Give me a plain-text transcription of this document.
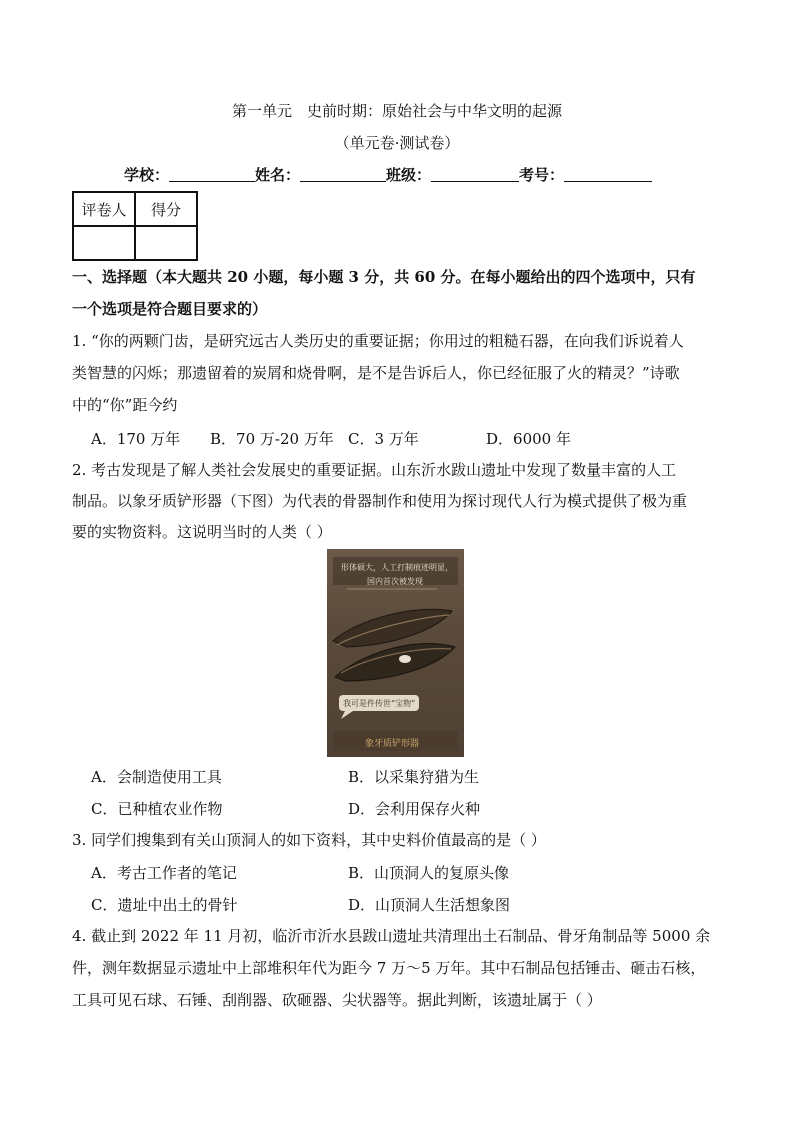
第一单元　史前时期：原始社会与中华文明的起源
（单元卷·测试卷）
学校：	姓名：	班级：	考号：
评卷人	得分

一、选择题（本大题共 20 小题，每小题 3 分，共 60 分。在每小题给出的四个选项中，只有
一个选项是符合题目要求的）
1. “你的两颗门齿，是研究远古人类历史的重要证据；你用过的粗糙石器，在向我们诉说着人
类智慧的闪烁；那遗留着的炭屑和烧骨啊，是不是告诉后人，你已经征服了火的精灵？”诗歌
中的“你”距今约
A．170 万年 B．70 万-20 万年 C．3 万年	D．6000 年
2. 考古发现是了解人类社会发展史的重要证据。山东沂水跋山遗址中发现了数量丰富的人工
制品。以象牙质铲形器（下图）为代表的骨器制作和使用为探讨现代人行为模式提供了极为重
要的实物资料。这说明当时的人类（ ）
形体硕大，人工打制痕迹明显，
国内首次被发现
我可是件传世“宝物”
象牙质铲形器
A．会制造使用工具	B．以采集狩猎为生
C．已种植农业作物	D．会利用保存火种
3. 同学们搜集到有关山顶洞人的如下资料，其中史料价值最高的是（ ）
A．考古工作者的笔记	B．山顶洞人的复原头像
C．遗址中出土的骨针	D．山顶洞人生活想象图
4. 截止到 2022 年 11 月初，临沂市沂水县跋山遗址共清理出土石制品、骨牙角制品等 5000 余
件，测年数据显示遗址中上部堆积年代为距今 7 万～5 万年。其中石制品包括锤击、砸击石核，
工具可见石球、石锤、刮削器、砍砸器、尖状器等。据此判断，该遗址属于（ ）
